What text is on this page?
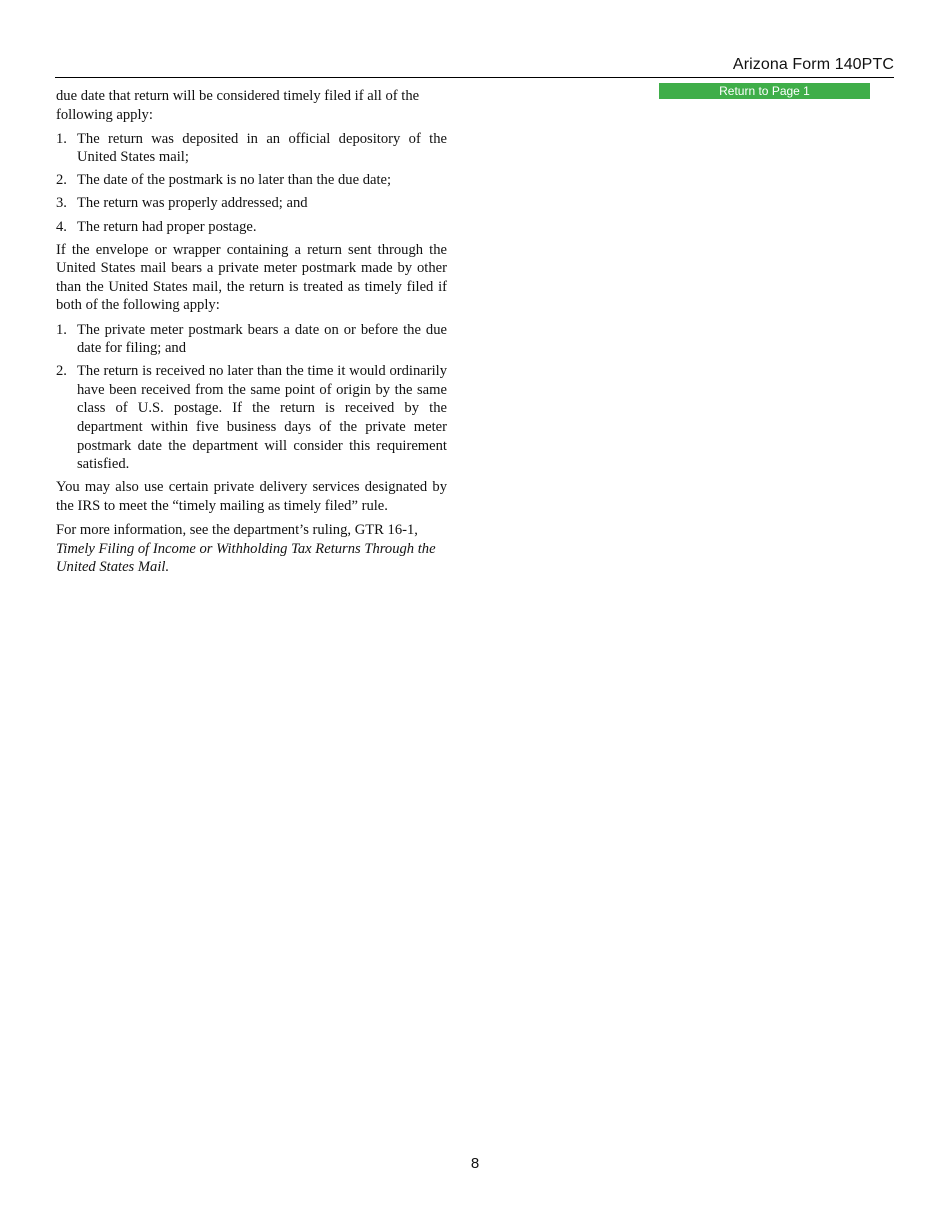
Arizona Form 140PTC
Return to Page 1

due date that return will be considered timely filed if all of the following apply:

1. The return was deposited in an official depository of the United States mail;
2. The date of the postmark is no later than the due date;
3. The return was properly addressed; and
4. The return had proper postage.

If the envelope or wrapper containing a return sent through the United States mail bears a private meter postmark made by other than the United States mail, the return is treated as timely filed if both of the following apply:

1. The private meter postmark bears a date on or before the due date for filing; and
2. The return is received no later than the time it would ordinarily have been received from the same point of origin by the same class of U.S. postage. If the return is received by the department within five business days of the private meter postmark date the department will consider this requirement satisfied.

You may also use certain private delivery services designated by the IRS to meet the “timely mailing as timely filed” rule.

For more information, see the department’s ruling, GTR 16-1, Timely Filing of Income or Withholding Tax Returns Through the United States Mail.

8
